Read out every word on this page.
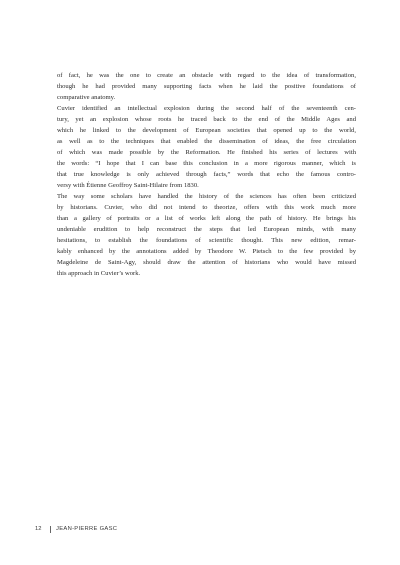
of fact, he was the one to create an obstacle with regard to the idea of transformation,
though he had provided many supporting facts when he laid the positive foundations of
comparative anatomy.
Cuvier identified an intellectual explosion during the second half of the seventeenth cen-
tury, yet an explosion whose roots he traced back to the end of the Middle Ages and
which he linked to the development of European societies that opened up to the world,
as well as to the techniques that enabled the dissemination of ideas, the free circulation
of which was made possible by the Reformation. He finished his series of lectures with
the words: “I hope that I can base this conclusion in a more rigorous manner, which is
that true knowledge is only achieved through facts,” words that echo the famous contro-
versy with Étienne Geoffroy Saint-Hilaire from 1830.
The way some scholars have handled the history of the sciences has often been criticized
by historians. Cuvier, who did not intend to theorize, offers with this work much more
than a gallery of portraits or a list of works left along the path of history. He brings his
undeniable erudition to help reconstruct the steps that led European minds, with many
hesitations, to establish the foundations of scientific thought. This new edition, remar-
kably enhanced by the annotations added by Theodore W. Pietsch to the few provided by
Magdeleine de Saint-Agy, should draw the attention of historians who would have missed
this approach in Cuvier’s work.
12	JEAN-PIERRE GASC
